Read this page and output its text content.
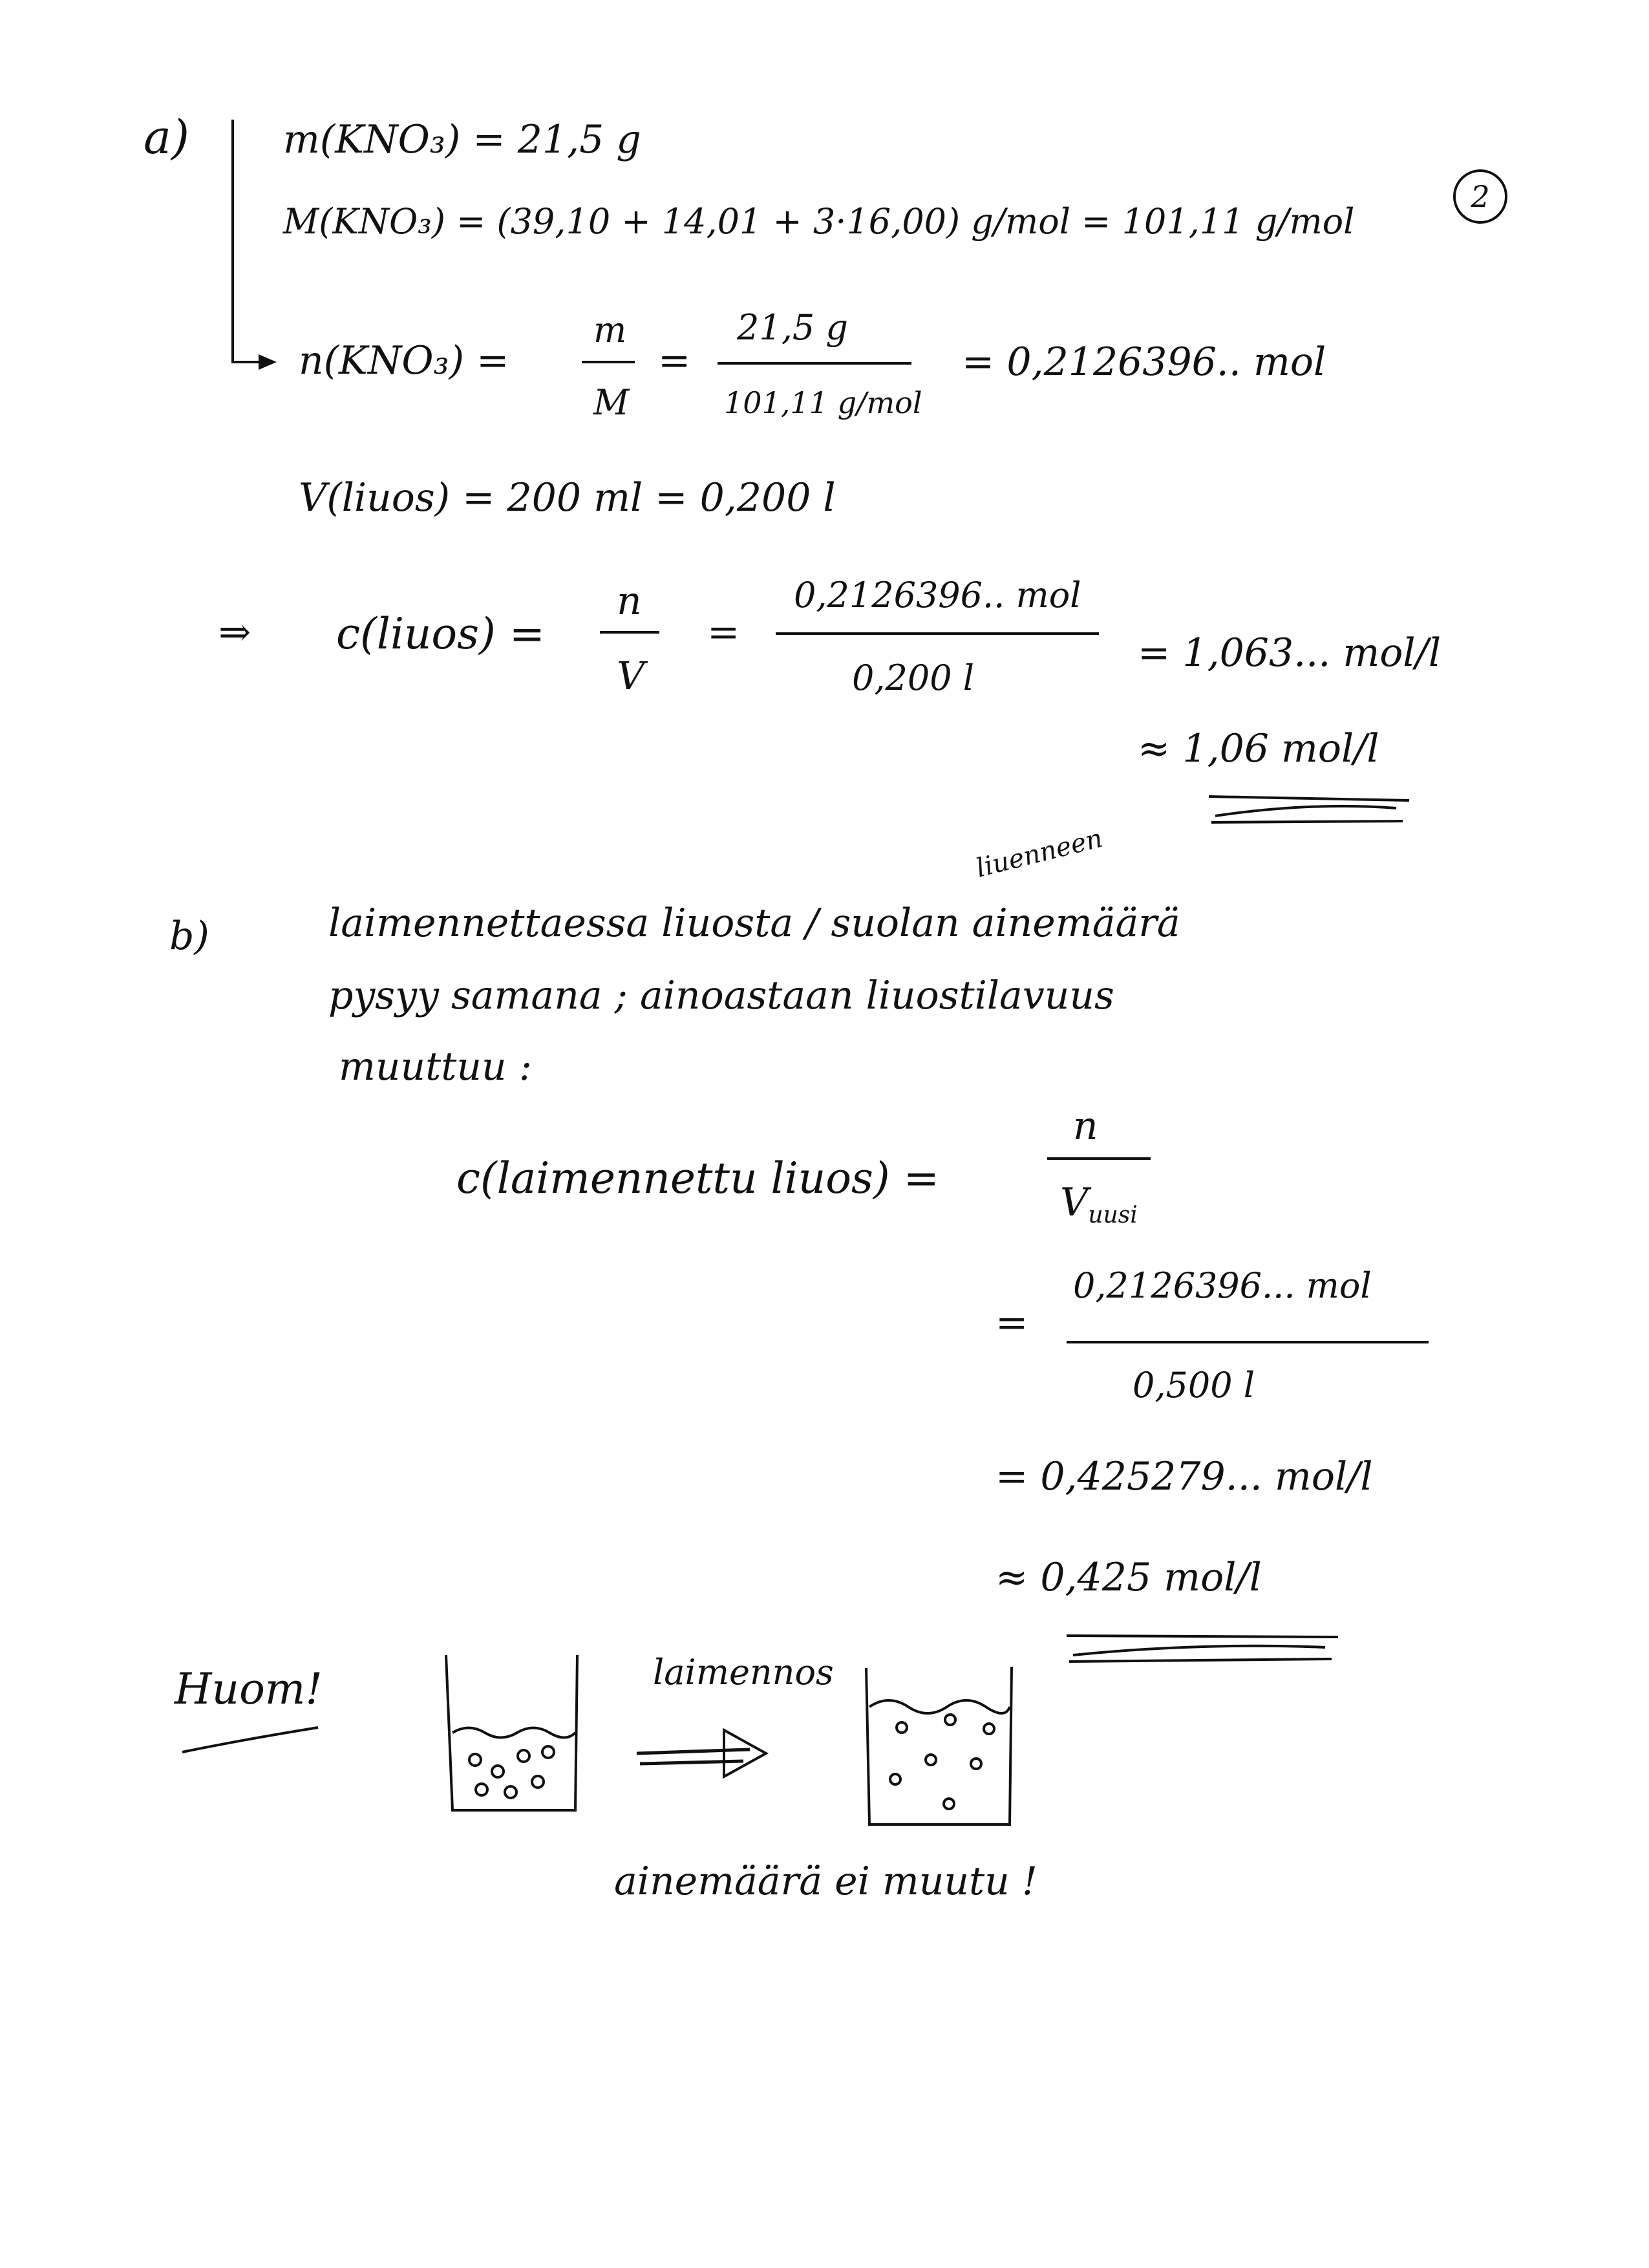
a) m(KNO₃) = 21,5 g
M(KNO₃) = (39,10 + 14,01 + 3·16,00) g/mol = 101,11 g/mol
2
n(KNO₃) =
m
M
=
21,5 g
101,11 g/mol
= 0,2126396.. mol
V(liuos) = 200 ml = 0,200 l
⇒ c(liuos) =
n
V
=
0,2126396.. mol
0,200 l
= 1,063... mol/l
≈ 1,06 mol/l
b)
liuenneen
laimennettaessa liuosta ∕ suolan ainemäärä
pysyy samana ; ainoastaan liuostilavuus
muuttuu :
c(laimennettu liuos) =
n
$V_{uusi}$
=
0,2126396... mol
0,500 l
= 0,425279... mol/l
≈ 0,425 mol/l
Huom!	laimennos
ainemäärä ei muutu !
